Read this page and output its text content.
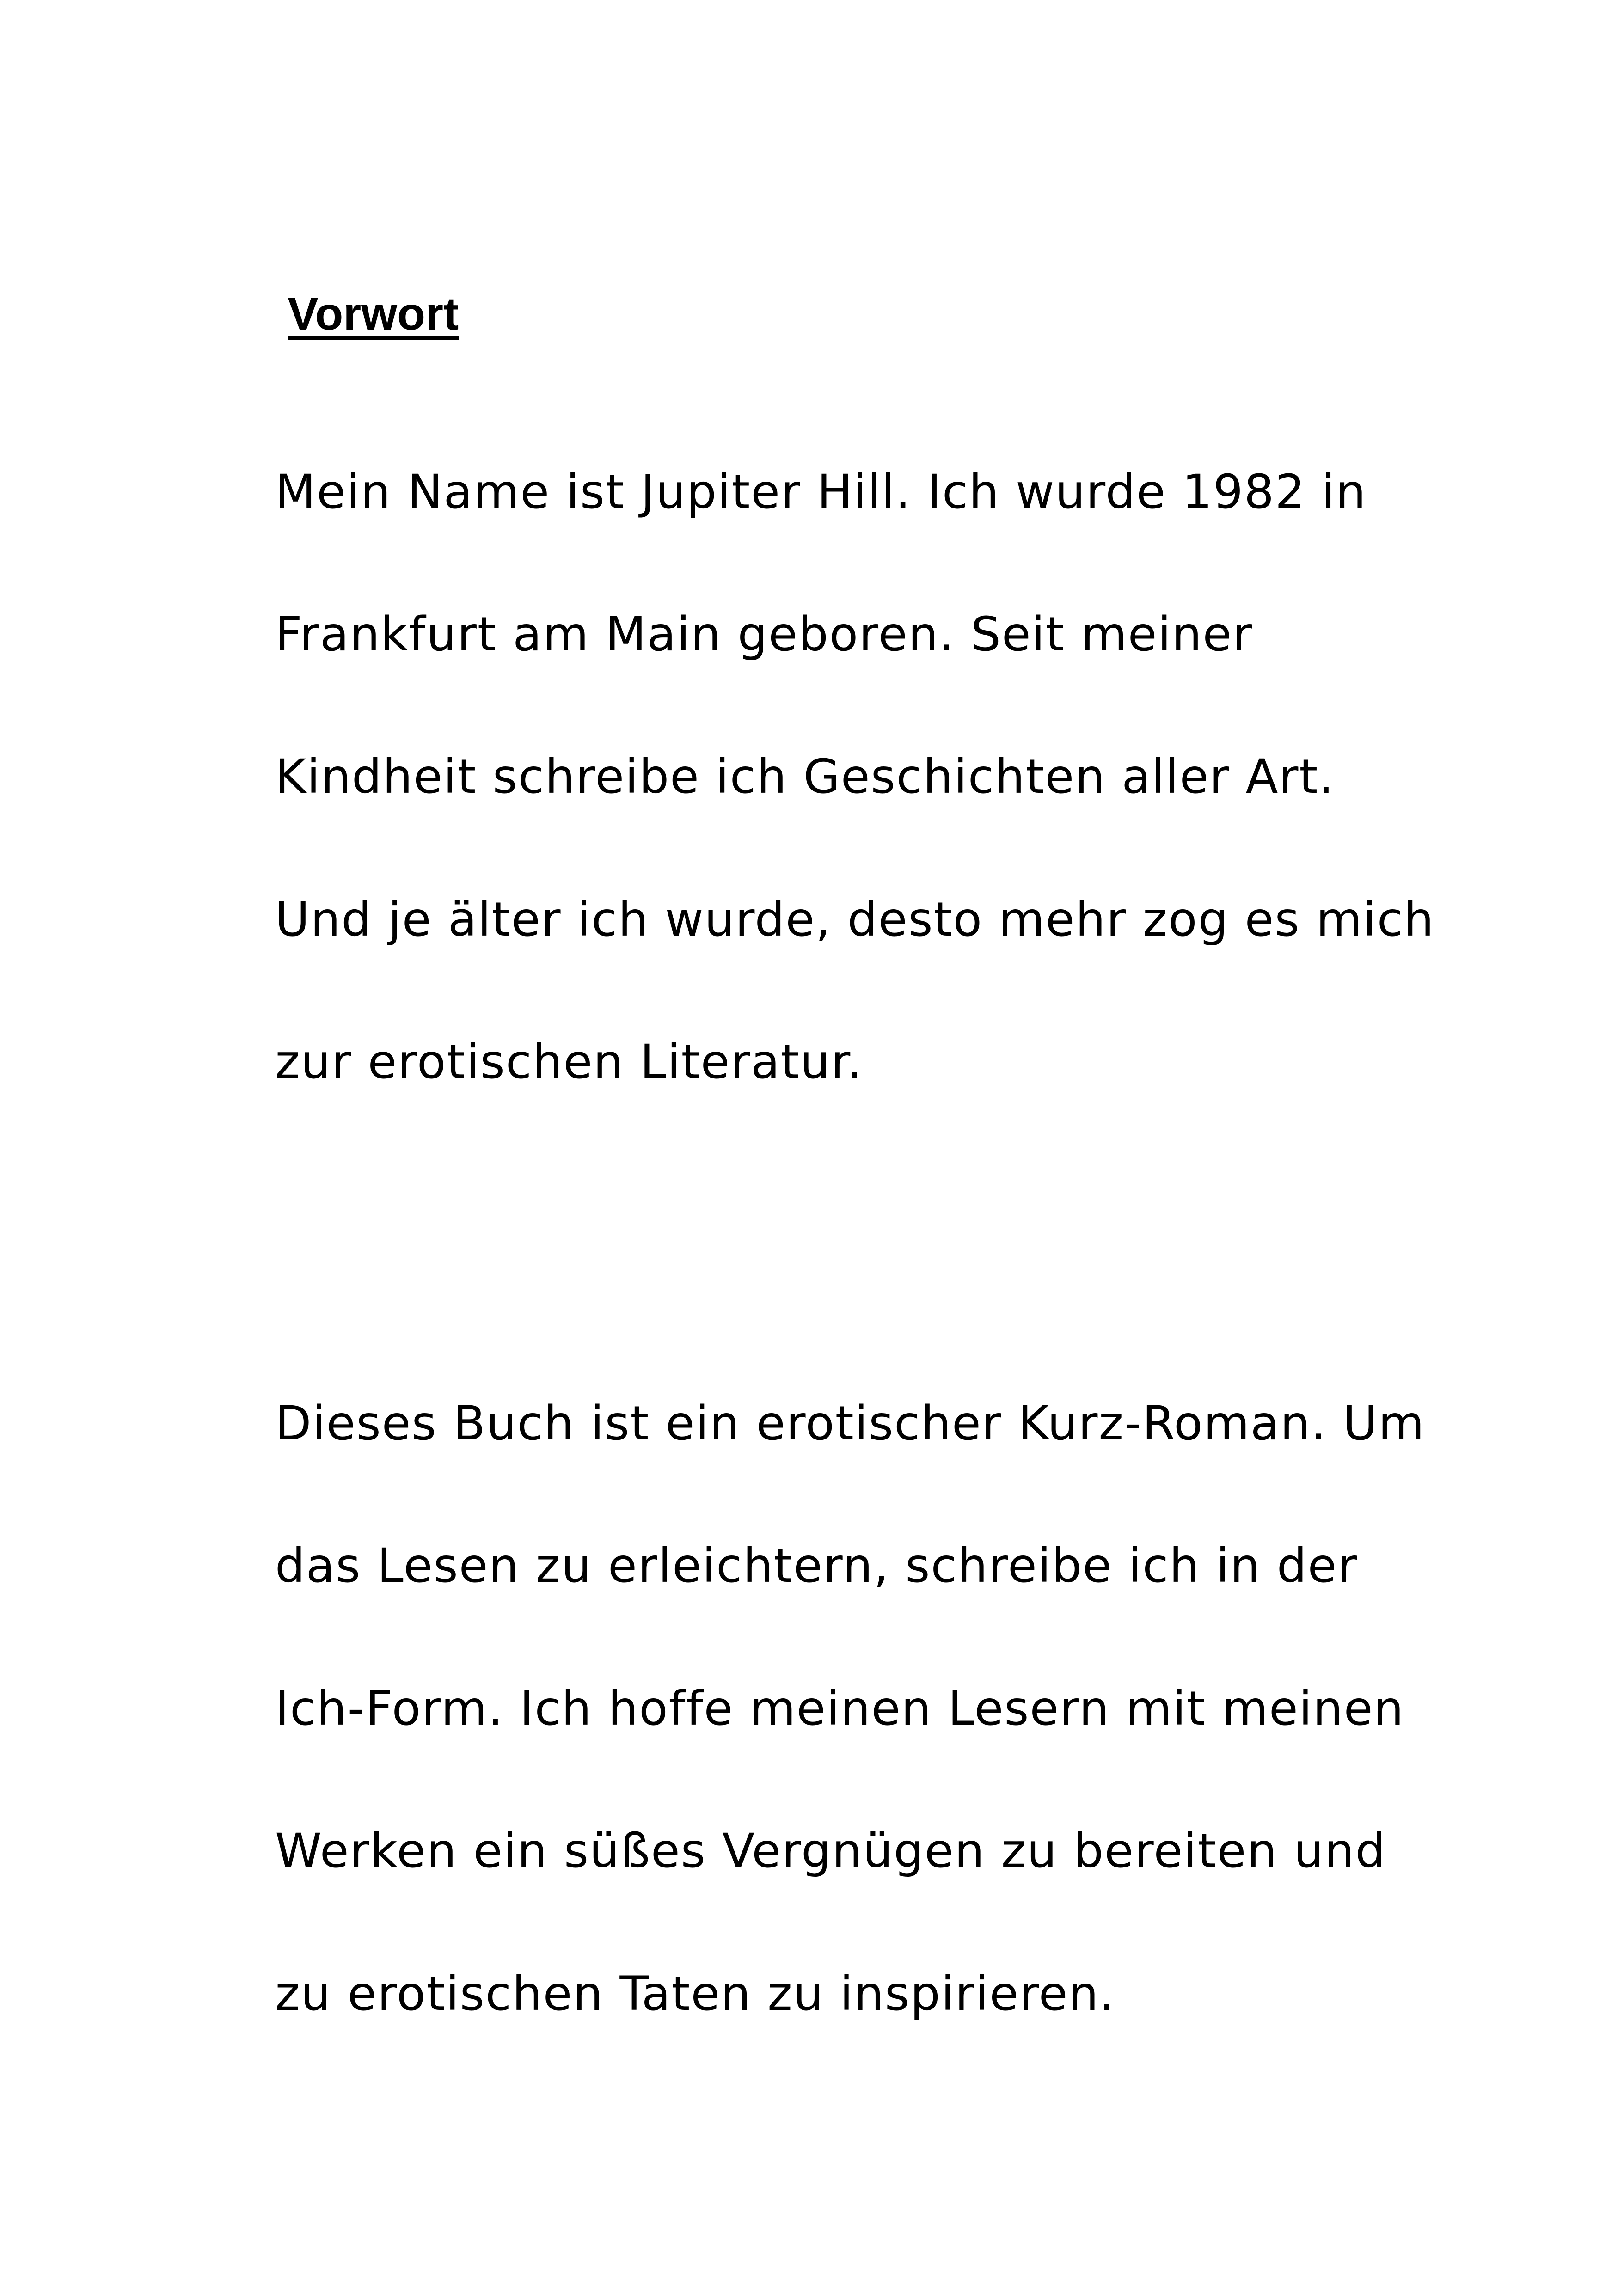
Vorwort

Mein Name ist Jupiter Hill. Ich wurde 1982 in

Frankfurt am Main geboren. Seit meiner

Kindheit schreibe ich Geschichten aller Art.

Und je älter ich wurde, desto mehr zog es mich

zur erotischen Literatur.

Dieses Buch ist ein erotischer Kurz-Roman. Um

das Lesen zu erleichtern, schreibe ich in der

Ich-Form. Ich hoffe meinen Lesern mit meinen

Werken ein süßes Vergnügen zu bereiten und

zu erotischen Taten zu inspirieren.
